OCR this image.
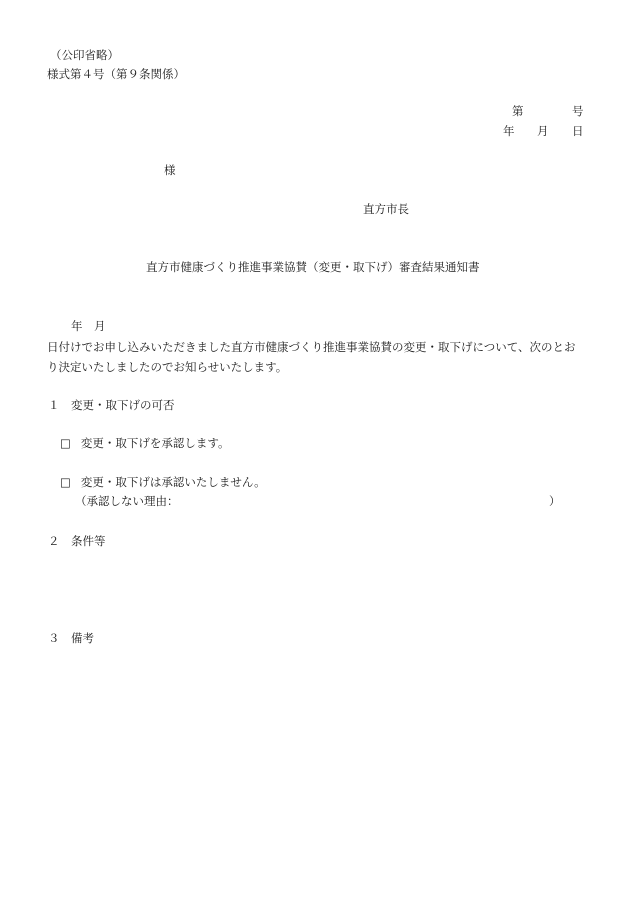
（公印省略）
様式第４号（第９条関係）
第	号
年 月 日
様
直方市長
直方市健康づくり推進事業協賛（変更・取下げ）審査結果通知書
年　月
日付けでお申し込みいただきました直方市健康づくり推進事業協賛の変更・取下げについて、次のとおり決定いたしましたのでお知らせいたします。
１　変更・取下げの可否
□ 変更・取下げを承認します。
□ 変更・取下げは承認いたしません。
（承認しない理由：	）
２　条件等
３　備考
